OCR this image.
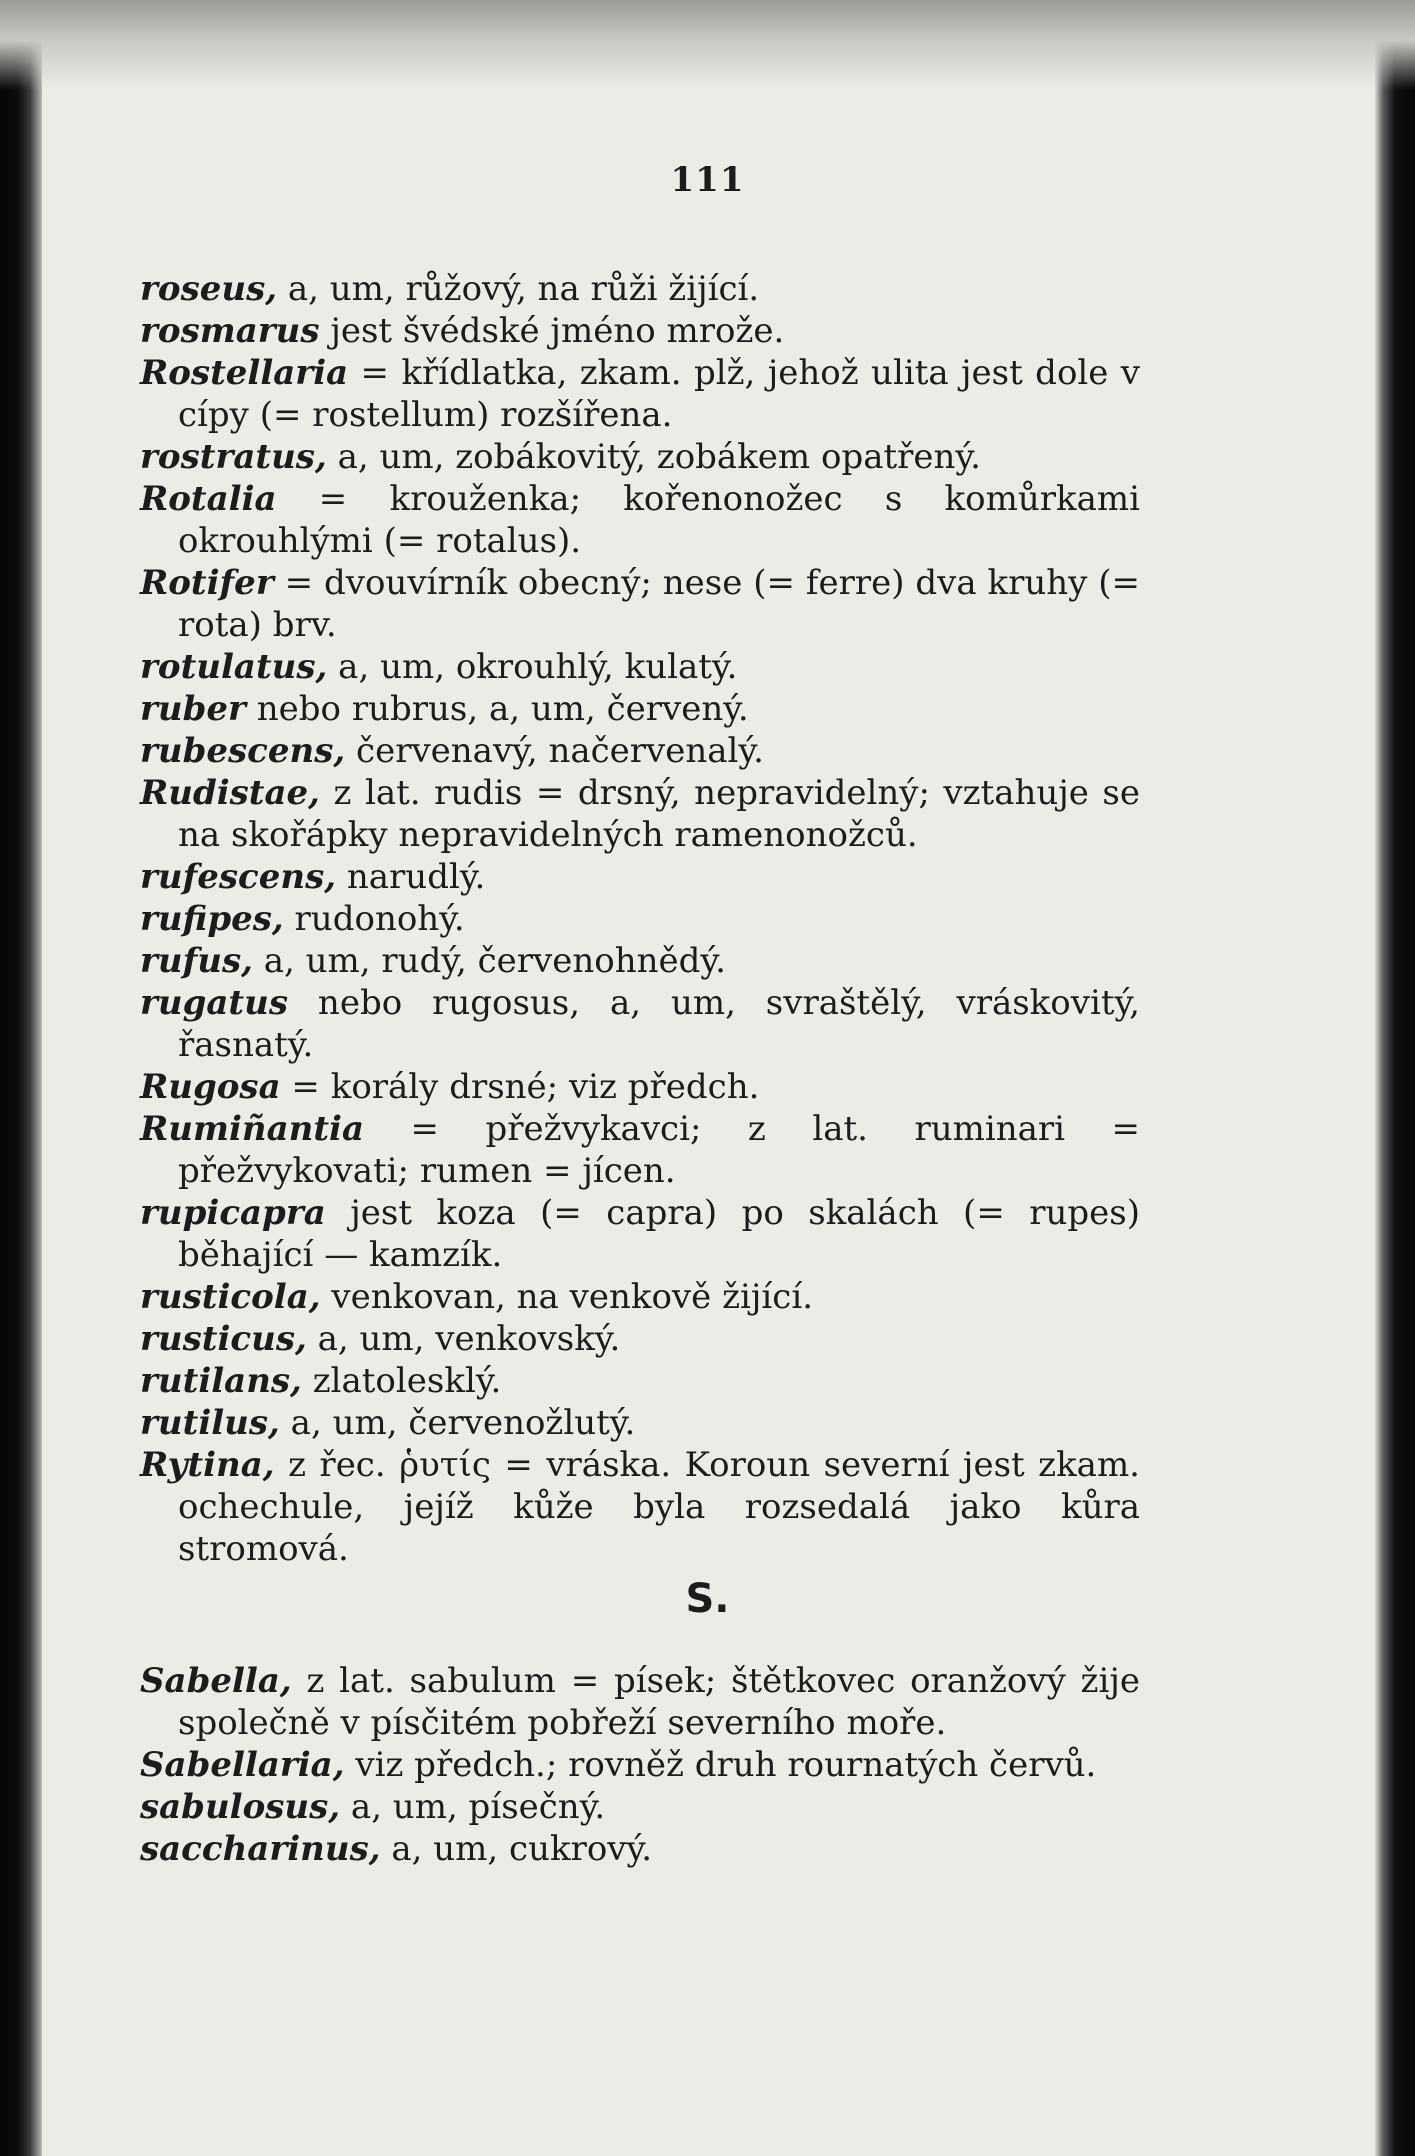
111

roseus, a, um, růžový, na růži žijící.

rosmarus jest švédské jméno mrože.

Rostellaria = křídlatka, zkam. plž, jehož ulita jest dole v cípy (= rostellum) rozšířena.

rostratus, a, um, zobákovitý, zobákem opatřený.

Rotalia = krouženka; kořenonožec s komůrkami okrouhlými (= rotalus).

Rotifer = dvouvírník obecný; nese (= ferre) dva kruhy (= rota) brv.

rotulatus, a, um, okrouhlý, kulatý.

ruber nebo rubrus, a, um, červený.

rubescens, červenavý, načervenalý.

Rudistae, z lat. rudis = drsný, nepravidelný; vztahuje se na skořápky nepravidelných ramenonožců.

rufescens, narudlý.

rufipes, rudonohý.

rufus, a, um, rudý, červenohnědý.

rugatus nebo rugosus, a, um, svraštělý, vráskovitý, řasnatý.

Rugosa = korály drsné; viz předch.

Rumiñantia = přežvykavci; z lat. ruminari = přežvykovati; rumen = jícen.

rupicapra jest koza (= capra) po skalách (= rupes) běhající — kamzík.

rusticola, venkovan, na venkově žijící.

rusticus, a, um, venkovský.

rutilans, zlatolesklý.

rutilus, a, um, červenožlutý.

Rytina, z řec. ῥυτίς = vráska. Koroun severní jest zkam. ochechule, jejíž kůže byla rozsedalá jako kůra stromová.

S.

Sabella, z lat. sabulum = písek; štětkovec oranžový žije společně v písčitém pobřeží severního moře.

Sabellaria, viz předch.; rovněž druh rournatých červů.

sabulosus, a, um, písečný.

saccharinus, a, um, cukrový.
